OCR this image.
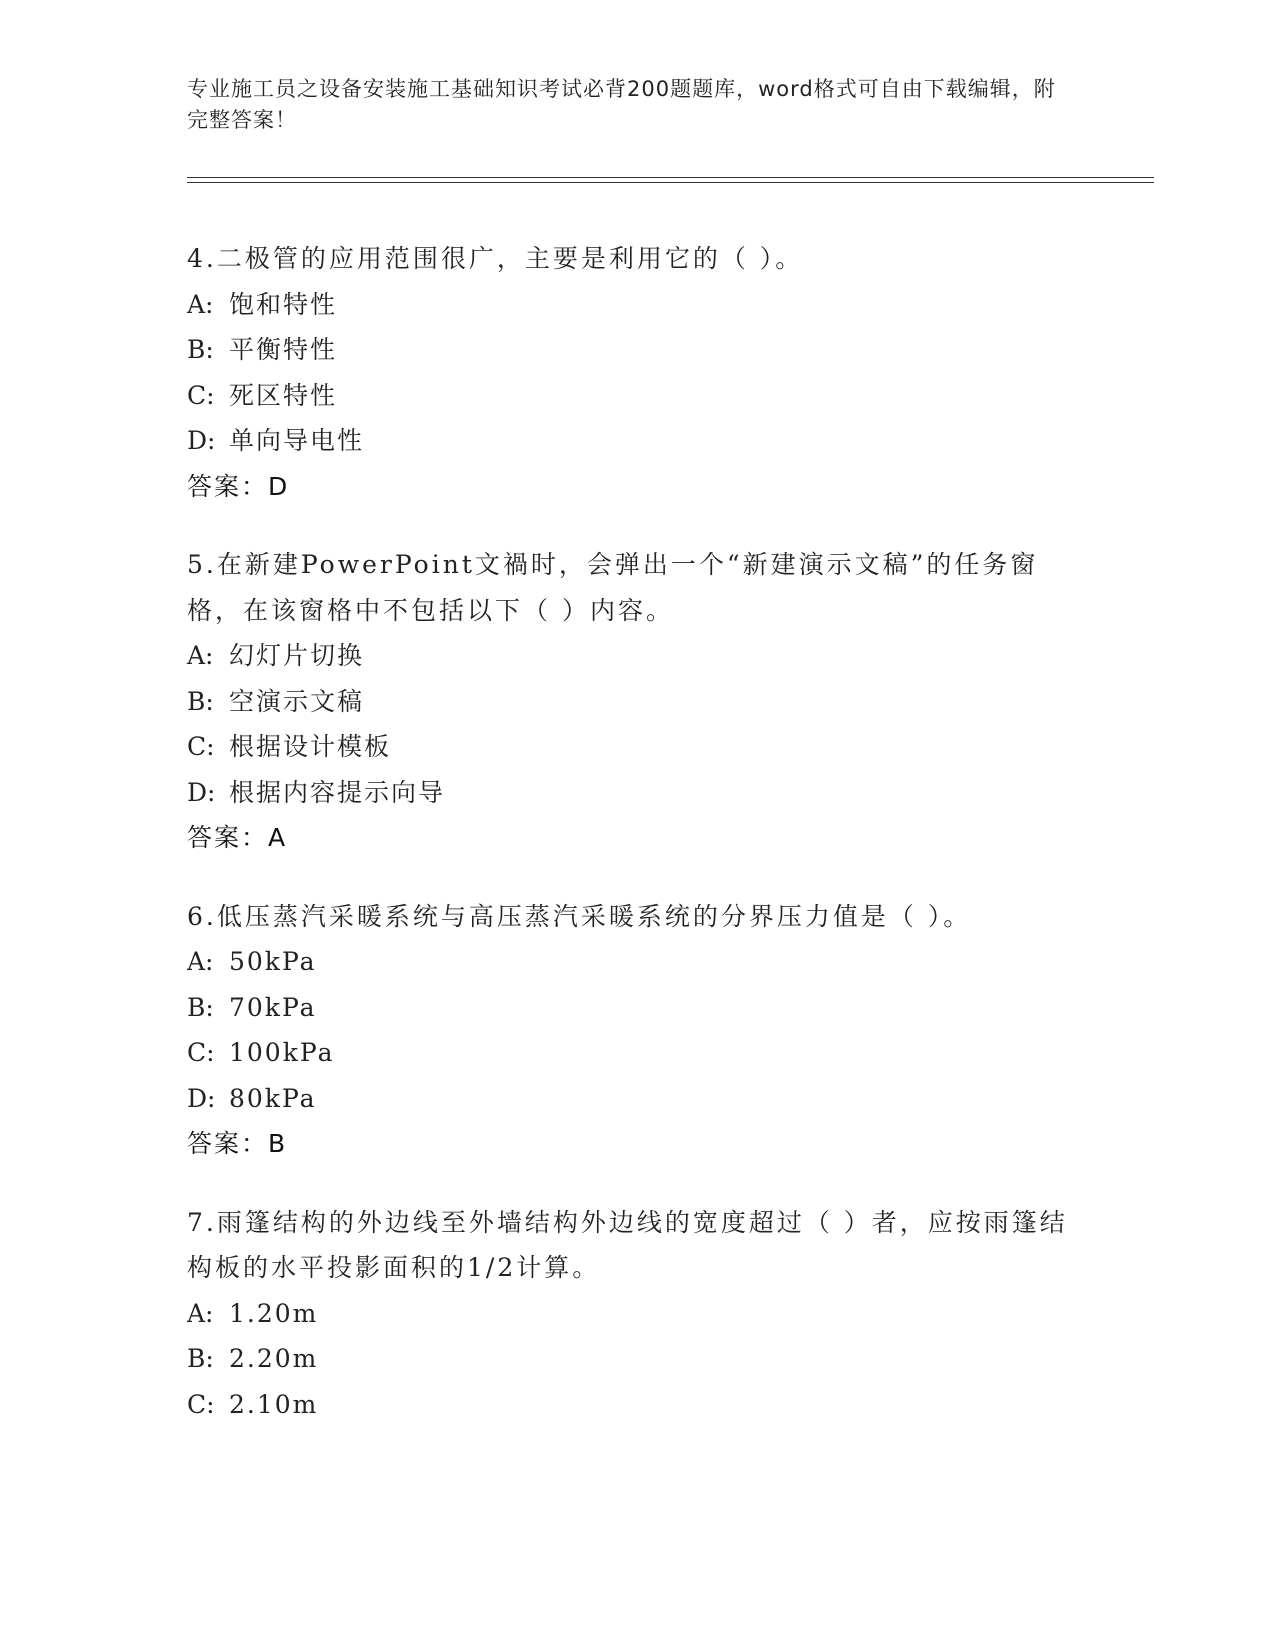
专业施工员之设备安装施工基础知识考试必背200题题库，word格式可自由下载编辑，附完整答案！
4.二极管的应用范围很广，主要是利用它的（ ）。
A: 饱和特性
B: 平衡特性
C: 死区特性
D: 单向导电性
答案：D
5.在新建PowerPoint文禍时，会弹出一个“新建演示文稿”的任务窗格，在该窗格中不包括以下（ ）内容。
A: 幻灯片切换
B: 空演示文稿
C: 根据设计模板
D: 根据内容提示向导
答案：A
6.低压蒸汽采暖系统与高压蒸汽采暖系统的分界压力值是（ ）。
A: 50kPa
B: 70kPa
C: 100kPa
D: 80kPa
答案：B
7.雨篷结构的外边线至外墙结构外边线的宽度超过（ ）者，应按雨篷结构板的水平投影面积的1/2计算。
A: 1.20m
B: 2.20m
C: 2.10m
